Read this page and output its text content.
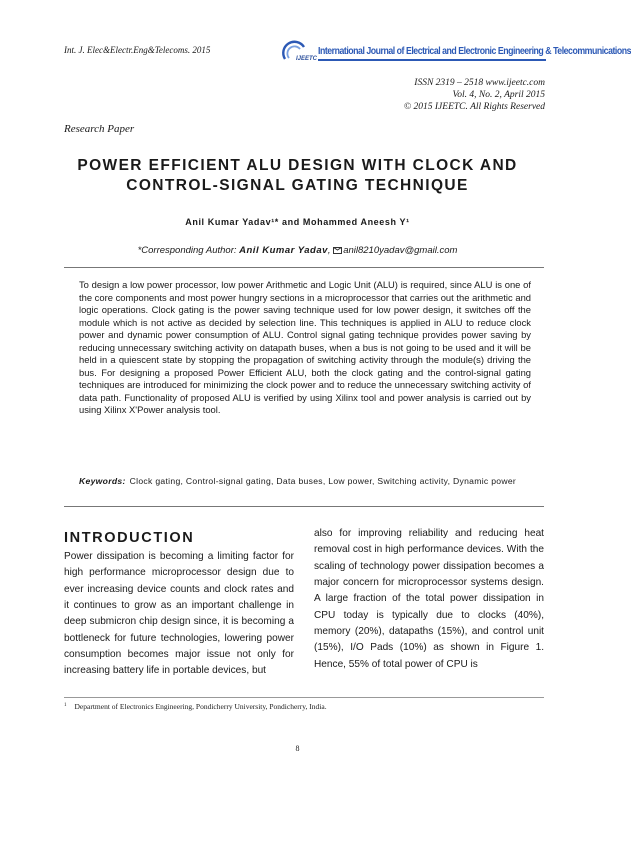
Int. J. Elec&Electr.Eng&Telecoms. 2015
IJEETC
International Journal of Electrical and Electronic Engineering & Telecommunications
ISSN 2319 – 2518 www.ijeetc.com
Vol. 4, No. 2, April 2015
© 2015 IJEETC. All Rights Reserved
Research Paper
POWER EFFICIENT ALU DESIGN WITH CLOCK AND CONTROL-SIGNAL GATING TECHNIQUE
Anil Kumar Yadav¹* and Mohammed Aneesh Y¹
*Corresponding Author: Anil Kumar Yadav, anil8210yadav@gmail.com
To design a low power processor, low power Arithmetic and Logic Unit (ALU) is required, since ALU is one of the core components and most power hungry sections in a microprocessor that carries out the arithmetic and logic operations. Clock gating is the power saving technique used for low power design, it switches off the module which is not active as decided by selection line. This techniques is applied in ALU to reduce clock power and dynamic power consumption of ALU. Control signal gating technique provides power saving by reducing unnecessary switching activity on datapath buses, when a bus is not going to be used and it will be held in a quiescent state by stopping the propagation of switching activity through the module(s) driving the bus. For designing a proposed Power Efficient ALU, both the clock gating and the control-signal gating techniques are introduced for minimizing the clock power and to reduce the unnecessary switching activity of data path. Functionality of proposed ALU is verified by using Xilinx tool and power analysis is carried out by using Xilinx X'Power analysis tool.
Keywords: Clock gating, Control-signal gating, Data buses, Low power, Switching activity, Dynamic power
INTRODUCTION
Power dissipation is becoming a limiting factor for high performance microprocessor design due to ever increasing device counts and clock rates and it continues to grow as an important challenge in deep submicron chip design since, it is becoming a bottleneck for future technologies, lowering power consumption becomes major issue not only for increasing battery life in portable devices, but
also for improving reliability and reducing heat removal cost in high performance devices. With the scaling of technology power dissipation becomes a major concern for microprocessor systems design. A large fraction of the total power dissipation in CPU today is typically due to clocks (40%), memory (20%), datapaths (15%), and control unit (15%), I/O Pads (10%) as shown in Figure 1. Hence, 55% of total power of CPU is
$^1$ Department of Electronics Engineering, Pondicherry University, Pondicherry, India.
8
